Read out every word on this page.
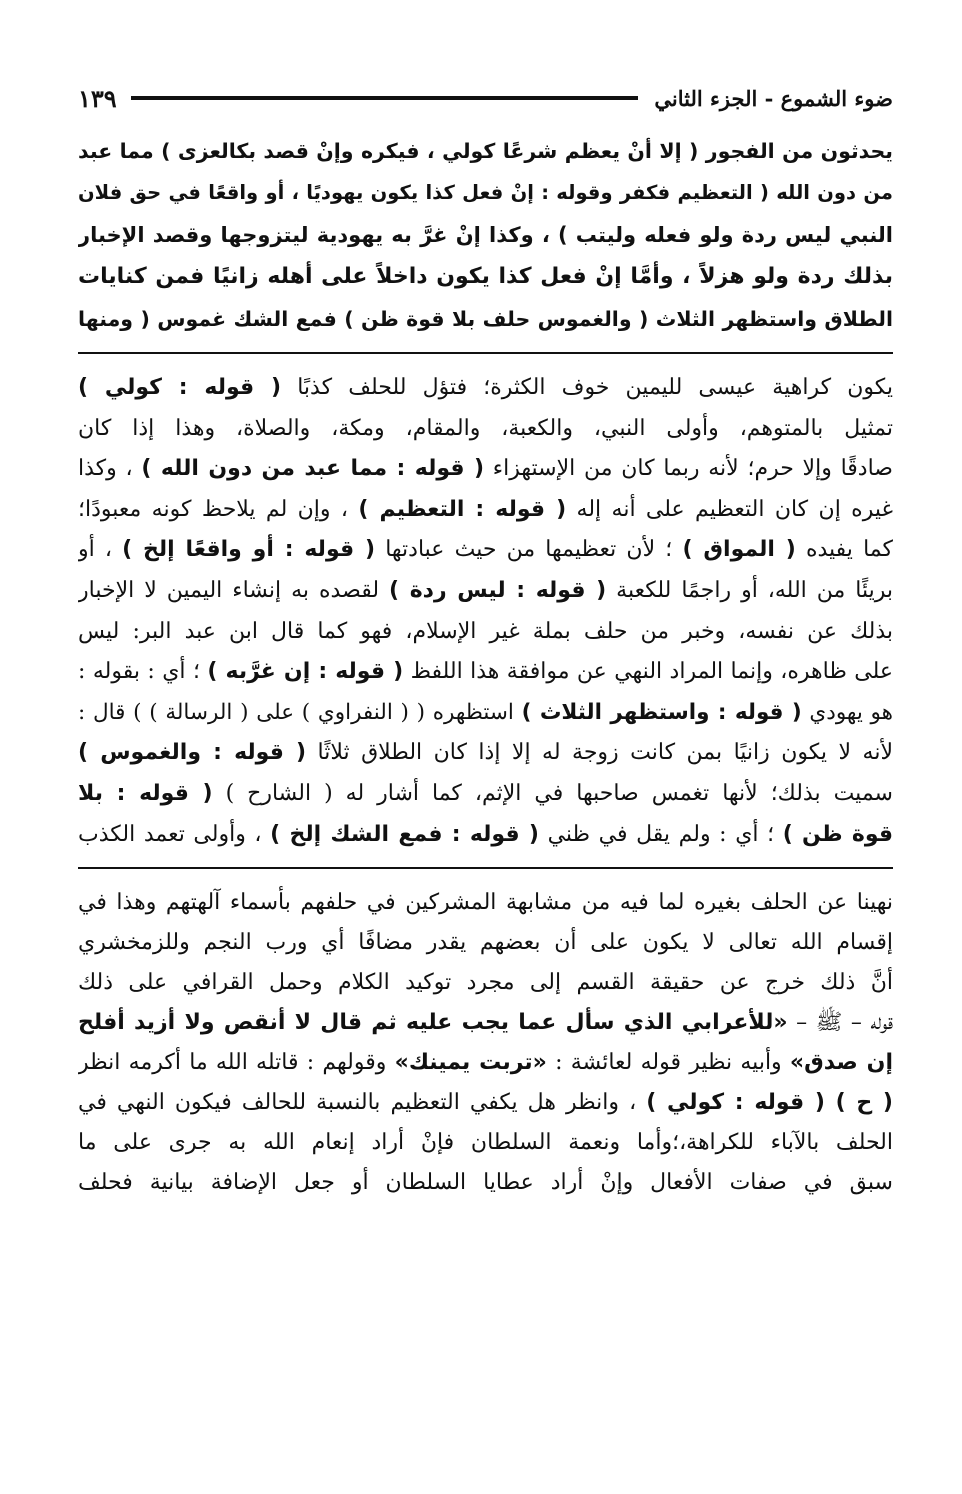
ضوء الشموع - الجزء الثاني
١٣٩

يحدثون من الفجور ( إلا أنْ يعظم شرعًا كولي ، فيكره وإنْ قصد بكالعزى ) مما عبد

من دون الله ( التعظيم فكفر وقوله : إنْ فعل كذا يكون يهوديًا ، أو واقعًا في حق فلان

النبي ليس ردة ولو فعله وليتب ) ، وكذا إنْ غرَّ به يهودية ليتزوجها وقصد الإخبار

بذلك ردة ولو هزلاً ، وأمَّا إنْ فعل كذا يكون داخلاً على أهله زانيًا فمن كنايات

الطلاق واستظهر الثلاث ( والغموس حلف بلا قوة ظن ) فمع الشك غموس ( ومنها

يكون كراهية عيسى لليمين خوف الكثرة؛ فتؤل للحلف كذبًا ( قوله : كولي )

تمثيل بالمتوهم، وأولى النبي، والكعبة، والمقام، ومكة، والصلاة، وهذا إذا كان

صادقًا وإلا حرم؛ لأنه ربما كان من الإستهزاء ( قوله : مما عبد من دون الله ) ، وكذا

غيره إن كان التعظيم على أنه إله ( قوله : التعظيم ) ، وإن لم يلاحظ كونه معبودًا؛

كما يفيده ( المواق ) ؛ لأن تعظيمها من حيث عبادتها ( قوله : أو واقعًا إلخ ) ، أو

بريئًا من الله، أو راجمًا للكعبة ( قوله : ليس ردة ) لقصده به إنشاء اليمين لا الإخبار

بذلك عن نفسه، وخبر من حلف بملة غير الإسلام، فهو كما قال ابن عبد البر: ليس

على ظاهره، وإنما المراد النهي عن موافقة هذا اللفظ ( قوله : إن غرَّبه ) ؛ أي : بقوله :

هو يهودي ( قوله : واستظهر الثلاث ) استظهره ( ( النفراوي ) على ( الرسالة ) ) قال :

لأنه لا يكون زانيًا بمن كانت زوجة له إلا إذا كان الطلاق ثلاثًا ( قوله : والغموس )

سميت بذلك؛ لأنها تغمس صاحبها في الإثم، كما أشار له ( الشارح ) ( قوله : بلا

قوة ظن ) ؛ أي : ولم يقل في ظني ( قوله : فمع الشك إلخ ) ، وأولى تعمد الكذب

نهينا عن الحلف بغيره لما فيه من مشابهة المشركين في حلفهم بأسماء آلهتهم وهذا في

إقسام الله تعالى لا يكون على أن بعضهم يقدر مضافًا أي ورب النجم وللزمخشري

أنَّ ذلك خرج عن حقيقة القسم إلى مجرد توكيد الكلام وحمل القرافي على ذلك

قوله – ﷺ – «للأعرابي الذي سأل عما يجب عليه ثم قال لا أنقص ولا أزيد أفلح

إن صدق» وأبيه نظير قوله لعائشة : «تربت يمينك» وقولهم : قاتله الله ما أكرمه انظر

( ح ) ( قوله : كولي ) ، وانظر هل يكفي التعظيم بالنسبة للحالف فيكون النهي في

الحلف بالآباء للكراهة،؛وأما ونعمة السلطان فإنْ أراد إنعام الله به جرى على ما

سبق في صفات الأفعال وإنْ أراد عطايا السلطان أو جعل الإضافة بيانية فحلف
